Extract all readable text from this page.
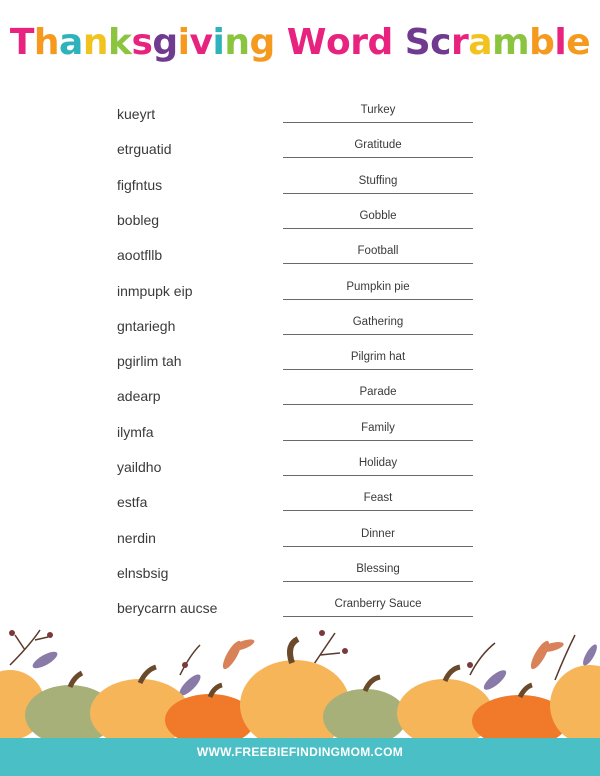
Thanksgiving Word Scramble
kueyrt	Turkey
etrguatid	Gratitude
figfntus	Stuffing
bobleg	Gobble
aootfllb	Football
inmpupk eip	Pumpkin pie
gntariegh	Gathering
pgirlim tah	Pilgrim hat
adearp	Parade
ilymfa	Family
yaildho	Holiday
estfa	Feast
nerdin	Dinner
elnsbsig	Blessing
berycarrn aucse	Cranberry Sauce
WWW.FREEBIEFINDINGMOM.COM
